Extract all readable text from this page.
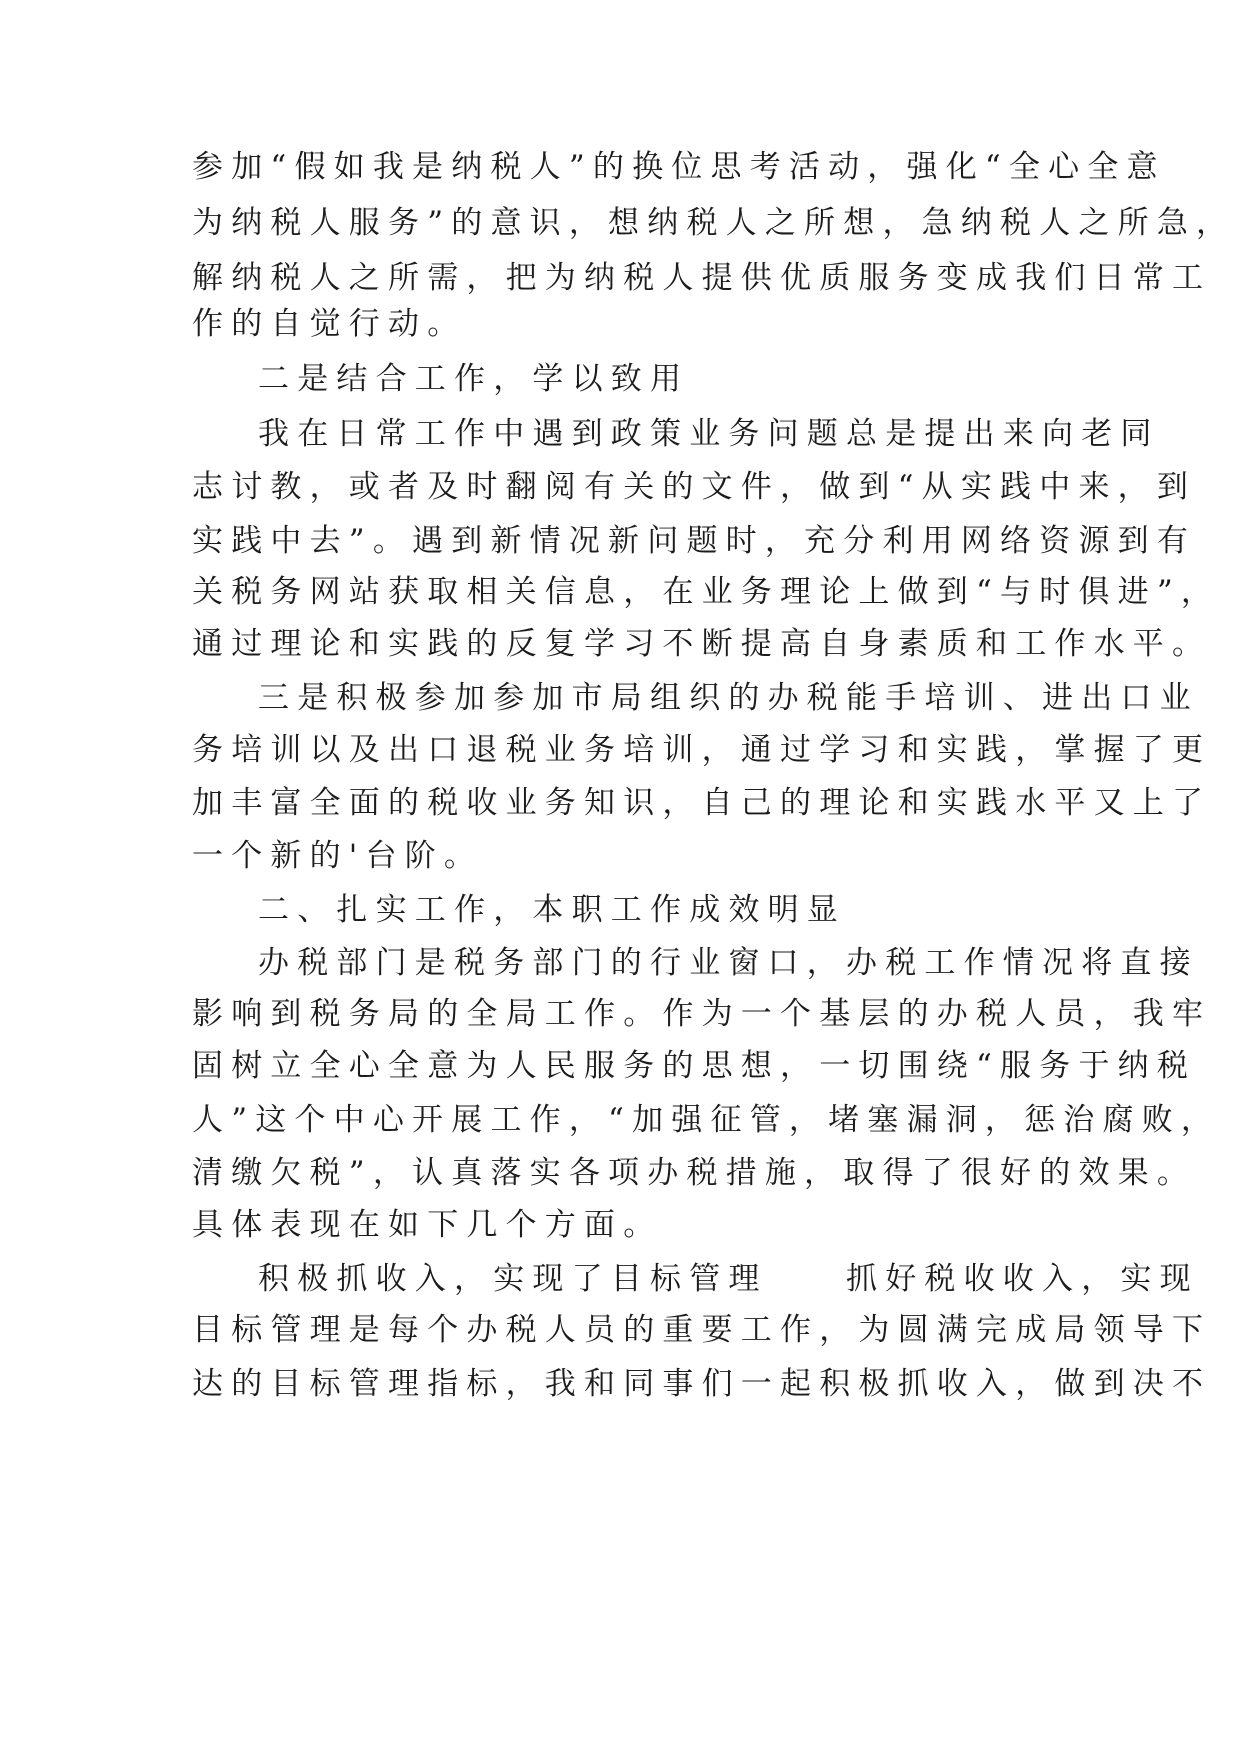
参加“假如我是纳税人”的换位思考活动，强化“全心全意
为纳税人服务”的意识，想纳税人之所想，急纳税人之所急，
解纳税人之所需，把为纳税人提供优质服务变成我们日常工
作的自觉行动。
二是结合工作，学以致用
我在日常工作中遇到政策业务问题总是提出来向老同
志讨教，或者及时翻阅有关的文件，做到“从实践中来，到
实践中去”。遇到新情况新问题时，充分利用网络资源到有
关税务网站获取相关信息，在业务理论上做到“与时俱进”，
通过理论和实践的反复学习不断提高自身素质和工作水平。
三是积极参加参加市局组织的办税能手培训、进出口业
务培训以及出口退税业务培训，通过学习和实践，掌握了更
加丰富全面的税收业务知识，自己的理论和实践水平又上了
一个新的'台阶。
二、扎实工作，本职工作成效明显
办税部门是税务部门的行业窗口，办税工作情况将直接
影响到税务局的全局工作。作为一个基层的办税人员，我牢
固树立全心全意为人民服务的思想，一切围绕“服务于纳税
人”这个中心开展工作，“加强征管，堵塞漏洞，惩治腐败，
清缴欠税”，认真落实各项办税措施，取得了很好的效果。
具体表现在如下几个方面。
积极抓收入，实现了目标管理　　抓好税收收入，实现
目标管理是每个办税人员的重要工作，为圆满完成局领导下
达的目标管理指标，我和同事们一起积极抓收入，做到决不
